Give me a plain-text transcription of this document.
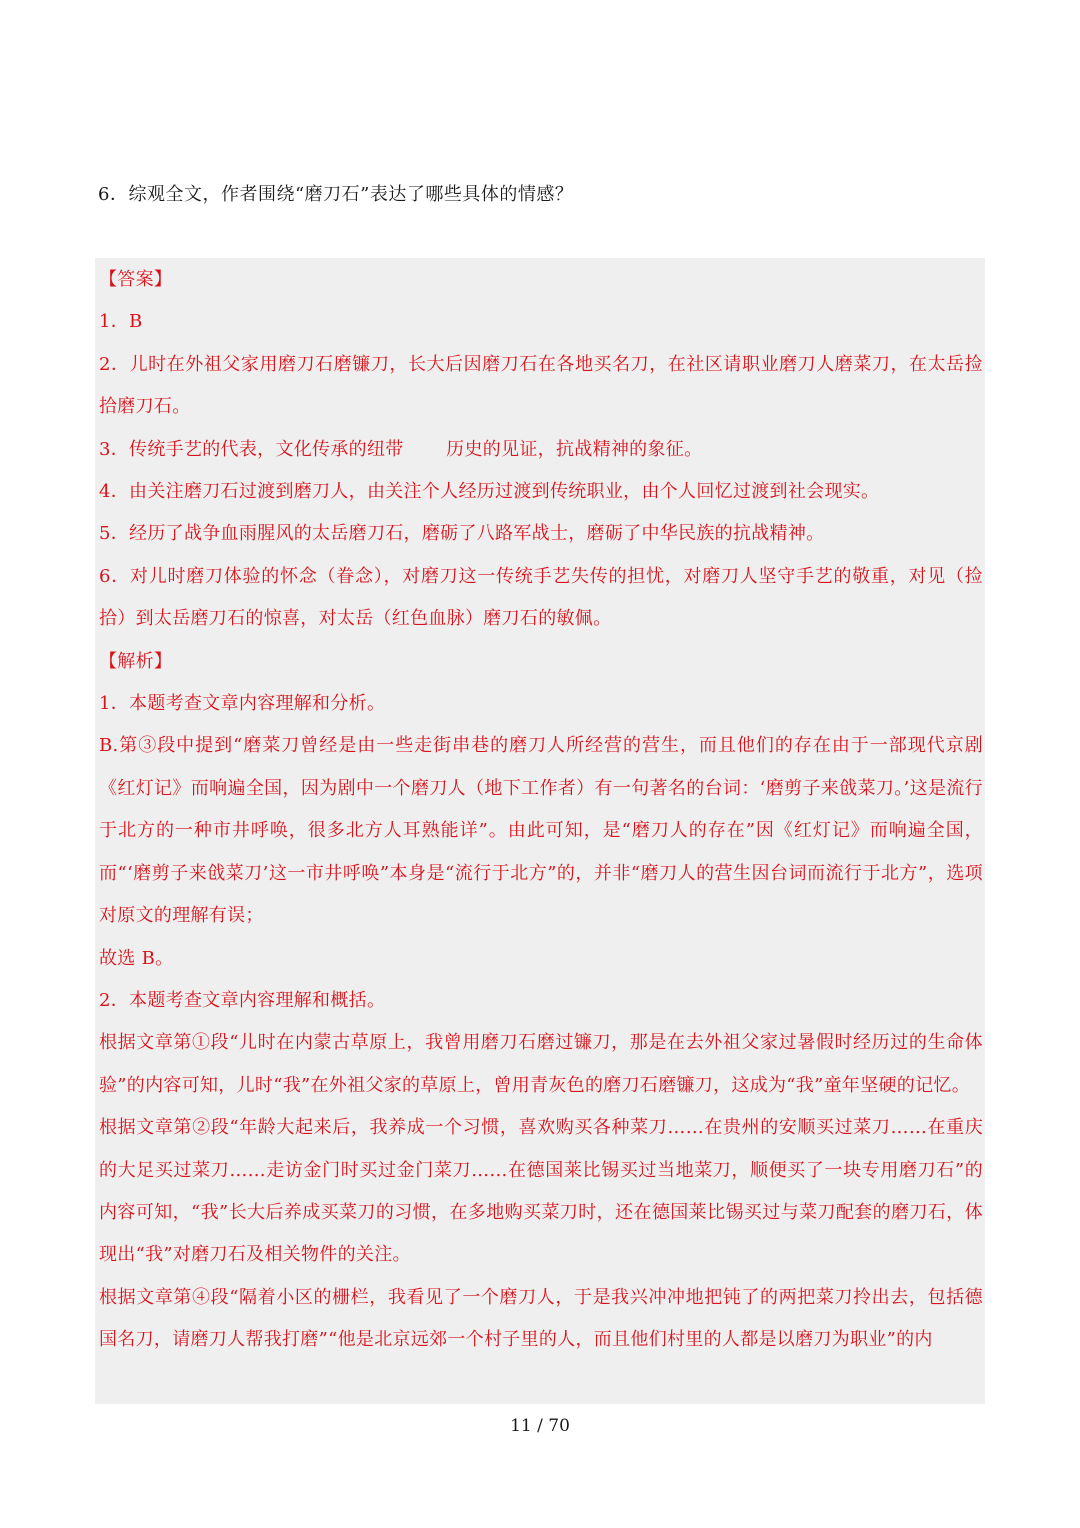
6．综观全文，作者围绕“磨刀石”表达了哪些具体的情感？

【答案】

1．B

2．儿时在外祖父家用磨刀石磨镰刀，长大后因磨刀石在各地买名刀，在社区请职业磨刀人磨菜刀，在太岳捡拾磨刀石。

3．传统手艺的代表，文化传承的纽带　　 历史的见证，抗战精神的象征。

4．由关注磨刀石过渡到磨刀人，由关注个人经历过渡到传统职业，由个人回忆过渡到社会现实。

5．经历了战争血雨腥风的太岳磨刀石，磨砺了八路军战士，磨砺了中华民族的抗战精神。

6．对儿时磨刀体验的怀念（眷念），对磨刀这一传统手艺失传的担忧，对磨刀人坚守手艺的敬重，对见（捡拾）到太岳磨刀石的惊喜，对太岳（红色血脉）磨刀石的敏佩。

【解析】

1．本题考查文章内容理解和分析。

B.第③段中提到“磨菜刀曾经是由一些走街串巷的磨刀人所经营的营生，而且他们的存在由于一部现代京剧《红灯记》而响遍全国，因为剧中一个磨刀人（地下工作者）有一句著名的台词：‘磨剪子来戗菜刀。’这是流行于北方的一种市井呼唤，很多北方人耳熟能详”。由此可知，是“磨刀人的存在”因《红灯记》而响遍全国，而“‘磨剪子来戗菜刀’这一市井呼唤”本身是“流行于北方”的，并非“磨刀人的营生因台词而流行于北方”，选项对原文的理解有误；

故选 B。

2．本题考查文章内容理解和概括。

根据文章第①段“儿时在内蒙古草原上，我曾用磨刀石磨过镰刀，那是在去外祖父家过暑假时经历过的生命体验”的内容可知，儿时“我”在外祖父家的草原上，曾用青灰色的磨刀石磨镰刀，这成为“我”童年坚硬的记忆。

根据文章第②段“年龄大起来后，我养成一个习惯，喜欢购买各种菜刀……在贵州的安顺买过菜刀……在重庆的大足买过菜刀……走访金门时买过金门菜刀……在德国莱比锡买过当地菜刀，顺便买了一块专用磨刀石”的内容可知，“我”长大后养成买菜刀的习惯，在多地购买菜刀时，还在德国莱比锡买过与菜刀配套的磨刀石，体现出“我”对磨刀石及相关物件的关注。

根据文章第④段“隔着小区的栅栏，我看见了一个磨刀人，于是我兴冲冲地把钝了的两把菜刀拎出去，包括德国名刀，请磨刀人帮我打磨”“他是北京远郊一个村子里的人，而且他们村里的人都是以磨刀为职业”的内

11 / 70
